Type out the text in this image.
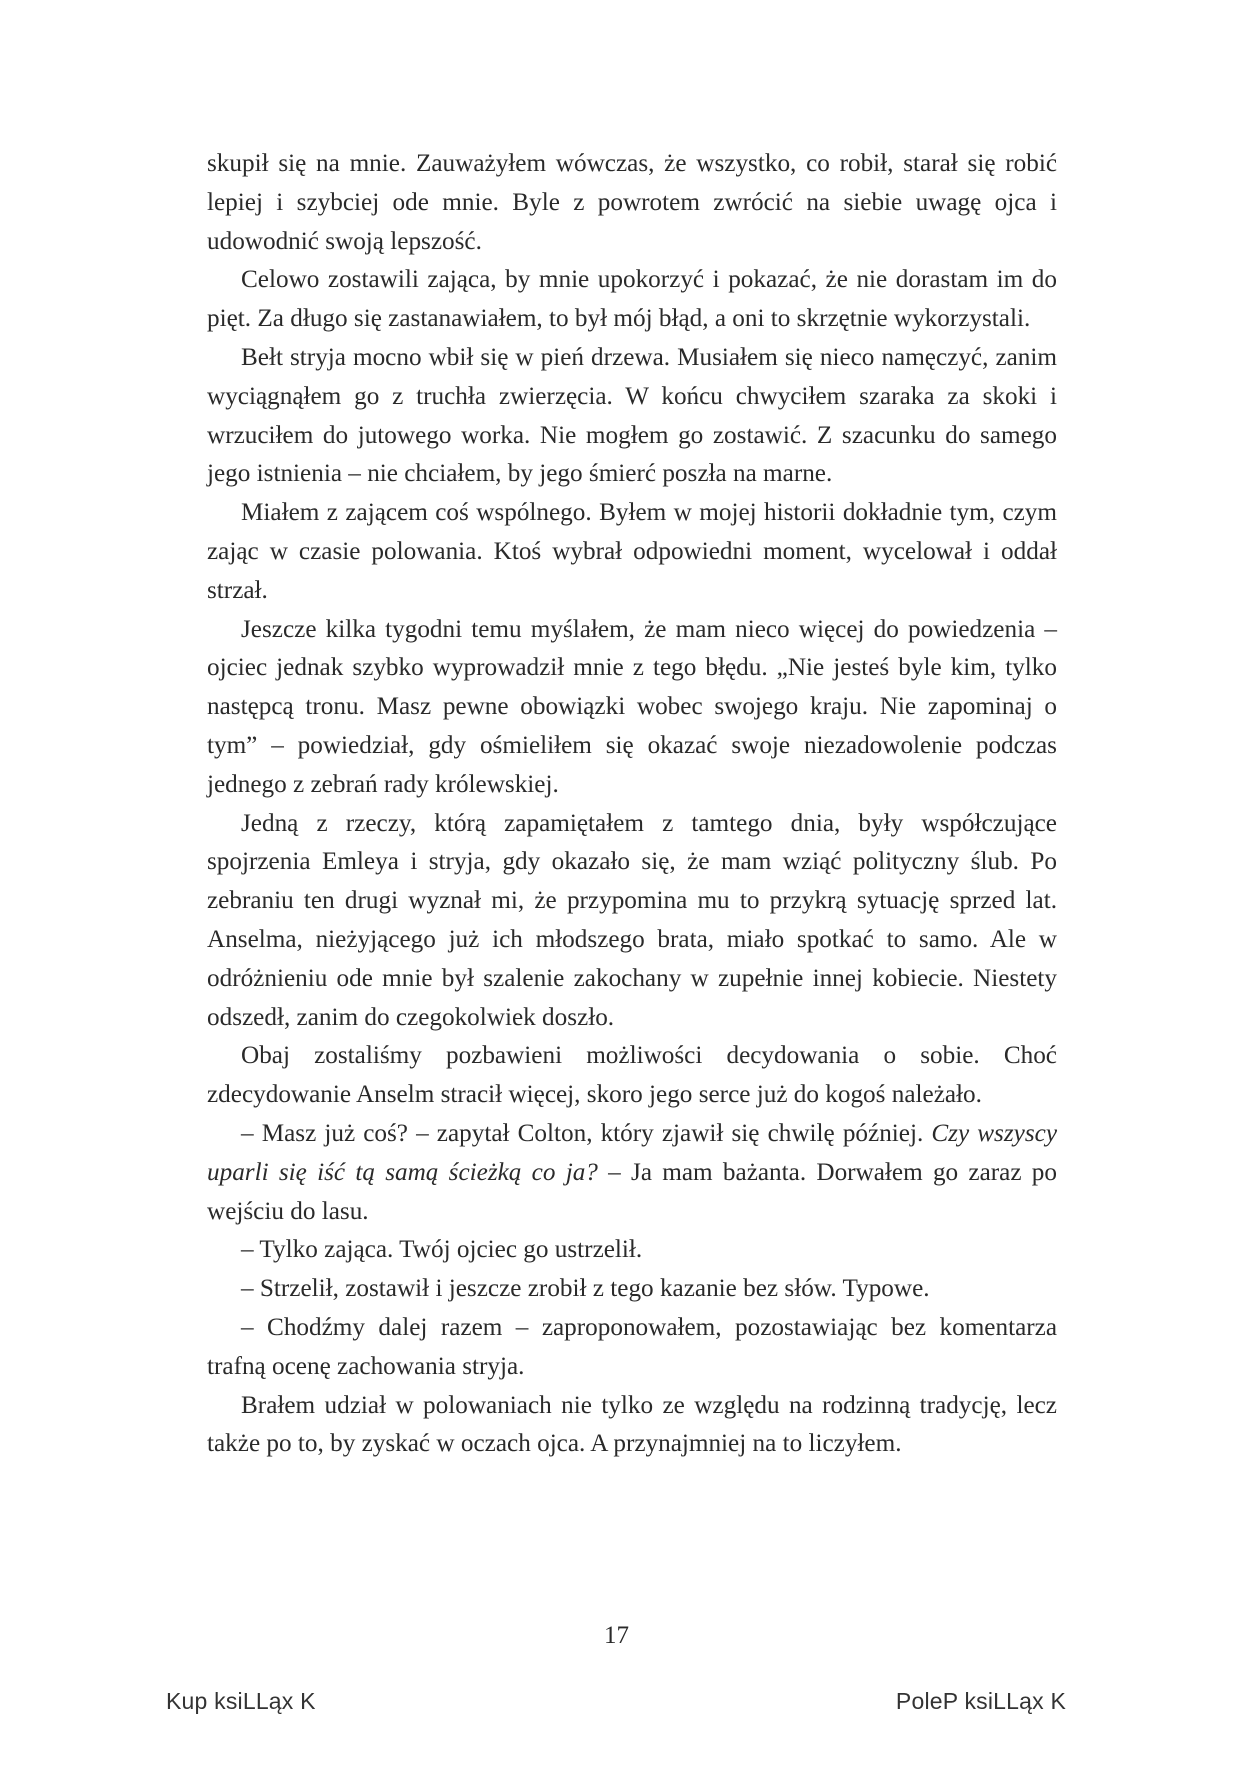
skupił się na mnie. Zauważyłem wówczas, że wszystko, co robił, starał się robić lepiej i szybciej ode mnie. Byle z powrotem zwrócić na siebie uwagę ojca i udowodnić swoją lepszość.

Celowo zostawili zająca, by mnie upokorzyć i pokazać, że nie dorastam im do pięt. Za długo się zastanawiałem, to był mój błąd, a oni to skrzętnie wykorzystali.

Bełt stryja mocno wbił się w pień drzewa. Musiałem się nieco namęczyć, zanim wyciągnąłem go z truchła zwierzęcia. W końcu chwyciłem szaraka za skoki i wrzuciłem do jutowego worka. Nie mogłem go zostawić. Z szacunku do samego jego istnienia – nie chciałem, by jego śmierć poszła na marne.

Miałem z zającem coś wspólnego. Byłem w mojej historii dokładnie tym, czym zając w czasie polowania. Ktoś wybrał odpowiedni moment, wycelował i oddał strzał.

Jeszcze kilka tygodni temu myślałem, że mam nieco więcej do powiedzenia – ojciec jednak szybko wyprowadził mnie z tego błędu. „Nie jesteś byle kim, tylko następcą tronu. Masz pewne obowiązki wobec swojego kraju. Nie zapominaj o tym” – powiedział, gdy ośmieliłem się okazać swoje niezadowolenie podczas jednego z zebrań rady królewskiej.

Jedną z rzeczy, którą zapamiętałem z tamtego dnia, były współczujące spojrzenia Emleya i stryja, gdy okazało się, że mam wziąć polityczny ślub. Po zebraniu ten drugi wyznał mi, że przypomina mu to przykrą sytuację sprzed lat. Anselma, nieżyjącego już ich młodszego brata, miało spotkać to samo. Ale w odróżnieniu ode mnie był szalenie zakochany w zupełnie innej kobiecie. Niestety odszedł, zanim do czegokolwiek doszło.

Obaj zostaliśmy pozbawieni możliwości decydowania o sobie. Choć zdecydowanie Anselm stracił więcej, skoro jego serce już do kogoś należało.

– Masz już coś? – zapytał Colton, który zjawił się chwilę później. Czy wszyscy uparli się iść tą samą ścieżką co ja? – Ja mam bażanta. Dorwałem go zaraz po wejściu do lasu.

– Tylko zająca. Twój ojciec go ustrzelił.

– Strzelił, zostawił i jeszcze zrobił z tego kazanie bez słów. Typowe.

– Chodźmy dalej razem – zaproponowałem, pozostawiając bez komentarza trafną ocenę zachowania stryja.

Brałem udział w polowaniach nie tylko ze względu na rodzinną tradycję, lecz także po to, by zyskać w oczach ojca. A przynajmniej na to liczyłem.

17
Kup ksiLLąx K	PoleP ksiLLąx K
